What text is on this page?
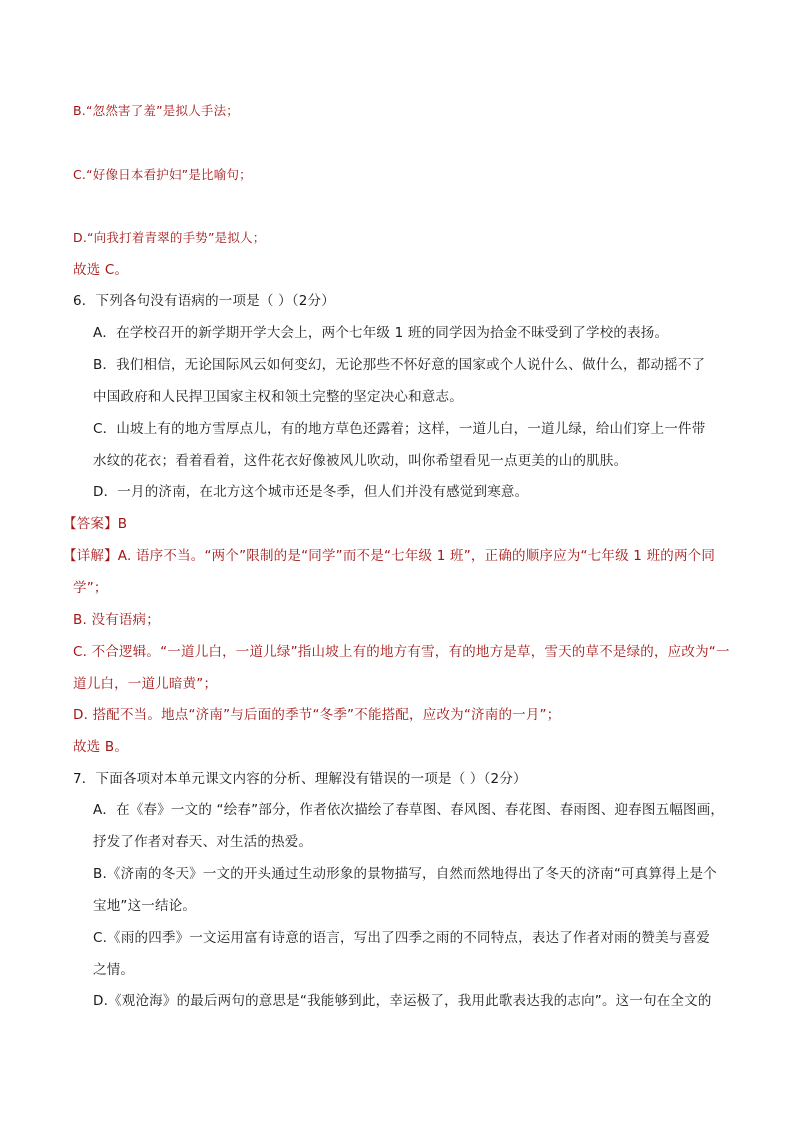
B.“忽然害了羞”是拟人手法；
C.“好像日本看护妇”是比喻句；
D.“向我打着青翠的手势”是拟人；
故选 C。
6．下列各句没有语病的一项是（ ）（2分）
A．在学校召开的新学期开学大会上，两个七年级 1 班的同学因为拾金不昧受到了学校的表扬。
B．我们相信，无论国际风云如何变幻，无论那些不怀好意的国家或个人说什么、做什么，都动摇不了
中国政府和人民捍卫国家主权和领土完整的坚定决心和意志。
C．山坡上有的地方雪厚点儿，有的地方草色还露着；这样，一道儿白，一道儿绿，给山们穿上一件带
水纹的花衣；看着看着，这件花衣好像被风儿吹动，叫你希望看见一点更美的山的肌肤。
D．一月的济南，在北方这个城市还是冬季，但人们并没有感觉到寒意。
【答案】B
【详解】A. 语序不当。“两个”限制的是“同学”而不是“七年级 1 班”，正确的顺序应为“七年级 1 班的两个同
学”；
B. 没有语病；
C. 不合逻辑。“一道儿白，一道儿绿”指山坡上有的地方有雪，有的地方是草，雪天的草不是绿的，应改为“一
道儿白，一道儿暗黄”；
D. 搭配不当。地点“济南”与后面的季节“冬季”不能搭配，应改为“济南的一月”；
故选 B。
7．下面各项对本单元课文内容的分析、理解没有错误的一项是（ ）（2分）
A．在《春》一文的 “绘春”部分，作者依次描绘了春草图、春风图、春花图、春雨图、迎春图五幅图画，
抒发了作者对春天、对生活的热爱。
B.《济南的冬天》一文的开头通过生动形象的景物描写，自然而然地得出了冬天的济南“可真算得上是个
宝地”这一结论。
C.《雨的四季》一文运用富有诗意的语言，写出了四季之雨的不同特点，表达了作者对雨的赞美与喜爱
之情。
D.《观沧海》的最后两句的意思是“我能够到此，幸运极了，我用此歌表达我的志向”。这一句在全文的
